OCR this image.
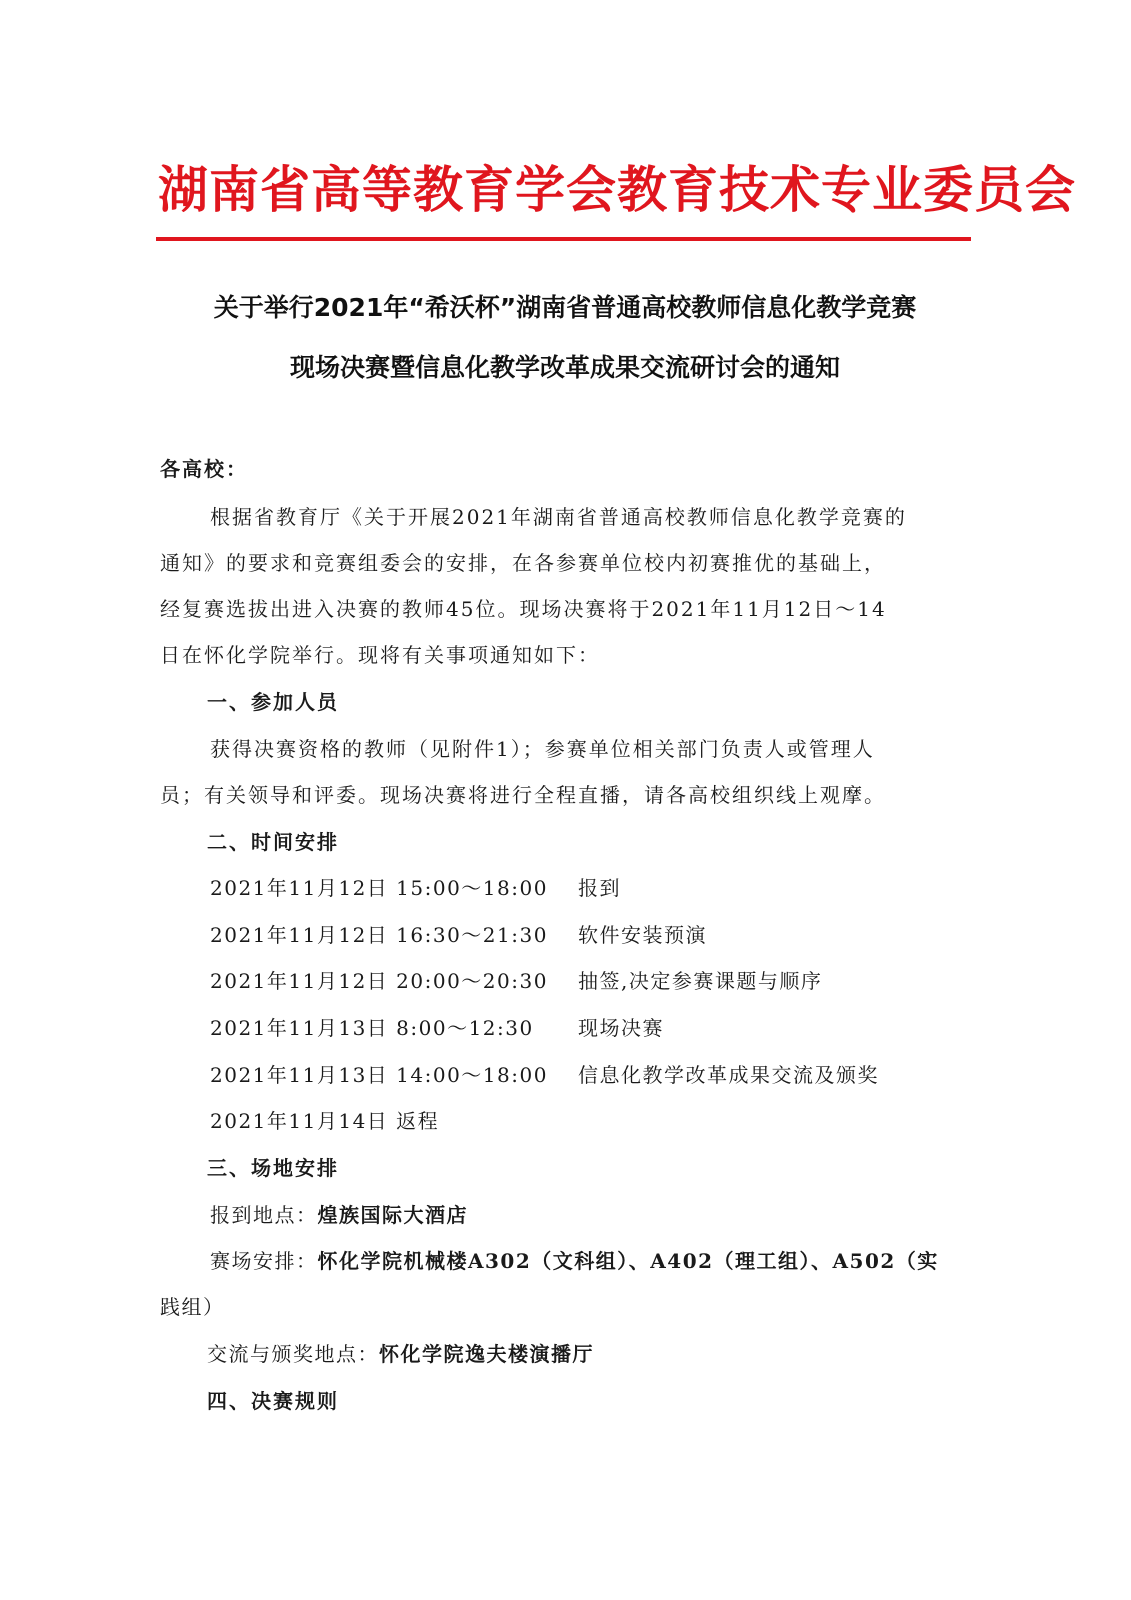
湖南省高等教育学会教育技术专业委员会
关于举行2021年“希沃杯”湖南省普通高校教师信息化教学竞赛
现场决赛暨信息化教学改革成果交流研讨会的通知
各高校：
根据省教育厅《关于开展2021年湖南省普通高校教师信息化教学竞赛的
通知》的要求和竞赛组委会的安排，在各参赛单位校内初赛推优的基础上，
经复赛选拔出进入决赛的教师45位。现场决赛将于2021年11月12日～14
日在怀化学院举行。现将有关事项通知如下：
一、参加人员
获得决赛资格的教师（见附件1）；参赛单位相关部门负责人或管理人
员；有关领导和评委。现场决赛将进行全程直播，请各高校组织线上观摩。
二、时间安排
2021年11月12日 15:00～18:00 报到
2021年11月12日 16:30～21:30 软件安装预演
2021年11月12日 20:00～20:30 抽签,决定参赛课题与顺序
2021年11月13日 8:00～12:30 现场决赛
2021年11月13日 14:00～18:00 信息化教学改革成果交流及颁奖
2021年11月14日 返程
三、场地安排
报到地点：煌族国际大酒店
赛场安排：怀化学院机械楼A302（文科组）、A402（理工组）、A502（实
践组）
交流与颁奖地点：怀化学院逸夫楼演播厅
四、决赛规则
